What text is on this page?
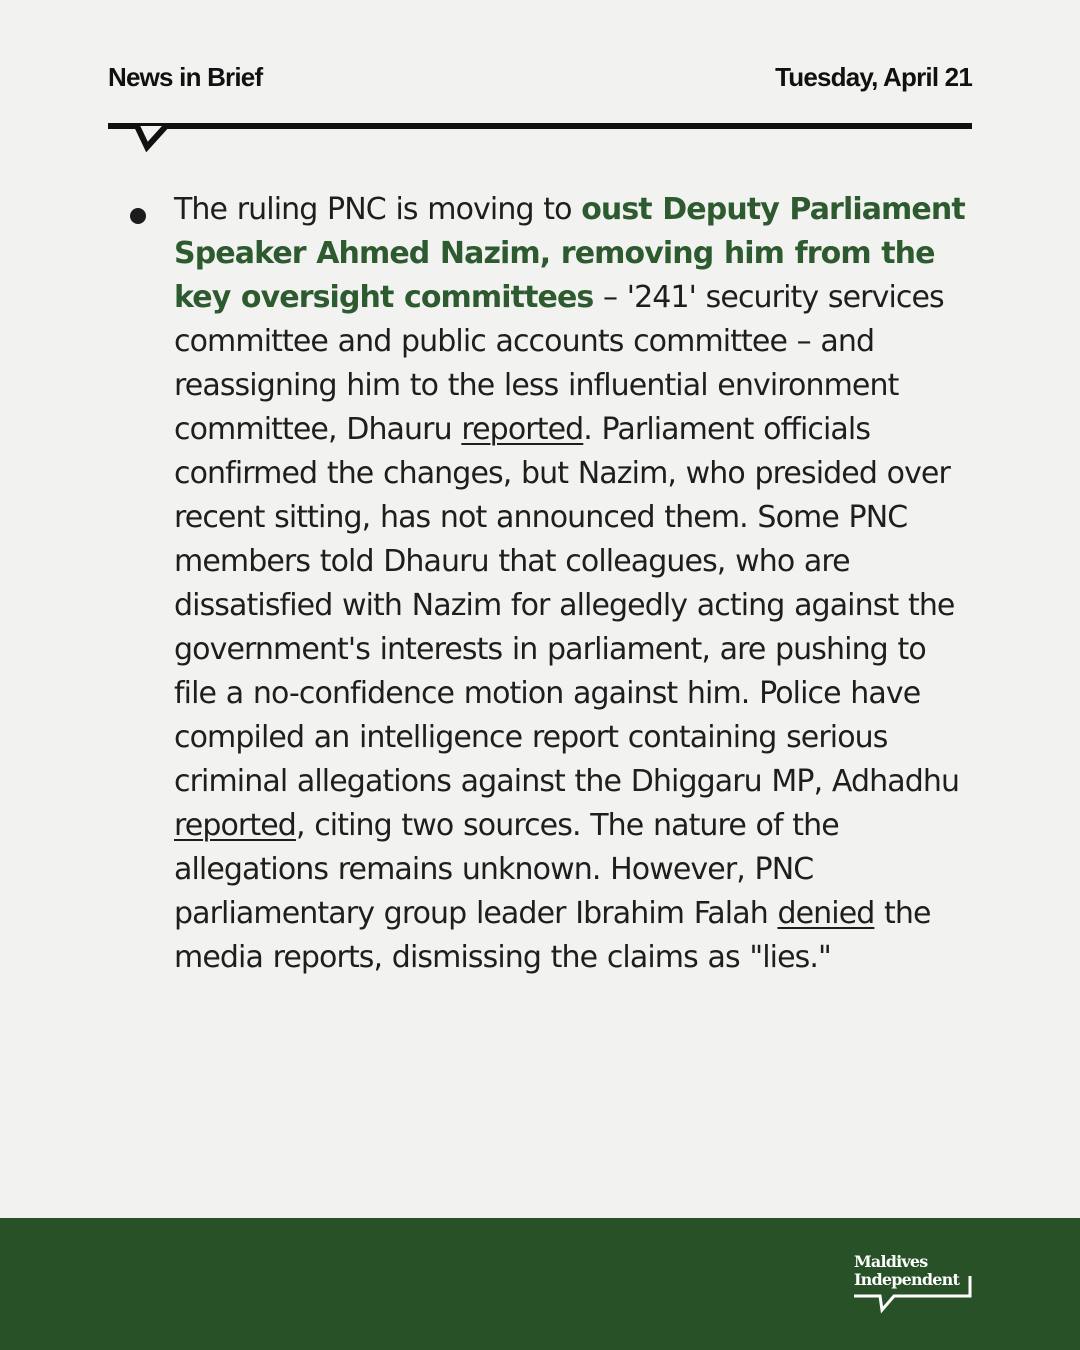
News in Brief	Tuesday, April 21
The ruling PNC is moving to oust Deputy Parliament Speaker Ahmed Nazim, removing him from the key oversight committees – '241' security services committee and public accounts committee – and reassigning him to the less influential environment committee, Dhauru reported. Parliament officials confirmed the changes, but Nazim, who presided over recent sitting, has not announced them. Some PNC members told Dhauru that colleagues, who are dissatisfied with Nazim for allegedly acting against the government's interests in parliament, are pushing to file a no-confidence motion against him. Police have compiled an intelligence report containing serious criminal allegations against the Dhiggaru MP, Adhadhu reported, citing two sources. The nature of the allegations remains unknown. However, PNC parliamentary group leader Ibrahim Falah denied the media reports, dismissing the claims as "lies."
Maldives
Independent
